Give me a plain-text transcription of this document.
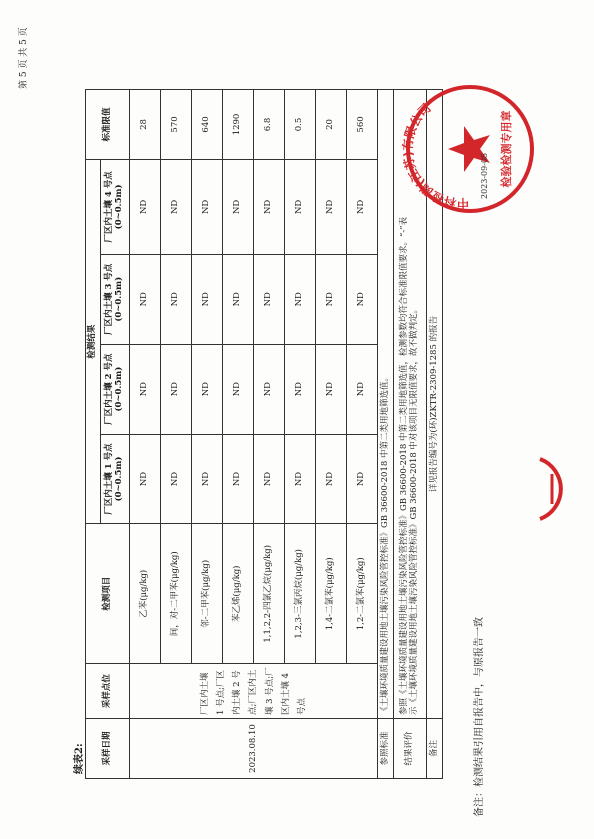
第 5 页 共 5 页
续表2: 采样日期	采样点位	检测项目	检测结果				标准限值
			厂区内土壤 1 号点(0~0.5m)	厂区内土壤 2 号点(0~0.5m)	厂区内土壤 3 号点(0~0.5m)	厂区内土壤 4 号点(0~0.5m)	
2023.08.10	厂区内土壤 1 号点;厂区内土壤 2 号点;厂区内土壤 3 号点;厂区内土壤 4 号点	乙苯(μg/kg)	ND	ND	ND	ND	28
		间，对-二甲苯(μg/kg)	ND	ND	ND	ND	570
		邻-二甲苯(μg/kg)	ND	ND	ND	ND	640
		苯乙烯(μg/kg)	ND	ND	ND	ND	1290
		1,1,2,2-四氯乙烷(μg/kg)	ND	ND	ND	ND	6.8
		1,2,3-三氯丙烷(μg/kg)	ND	ND	ND	ND	0.5
		1,4-二氯苯(μg/kg)	ND	ND	ND	ND	20
		1,2-二氯苯(μg/kg)	ND	ND	ND	ND	560
参照标准	《土壤环境质量建设用地土壤污染风险管控标准》GB 36600-2018 中第二类用地筛选值。						
结果评价	参照《土壤环境质量建设用地土壤污染风险管控标准》GB 36600-2018 中第二类用地筛选值，检测参数均符合标准限值要求。“-”表 示《土壤环境质量建设用地土壤污染风险管控标准》GB 36600-2018 中对该项目无限值要求，故不做判定。						

备注	详见报告编号为(环)ZKTR-2309-1285 的报告						
备注：检测结果引用自报告中，与原报告一致
中科检测(江苏)有限公司
检验检测专用章
2023-09-05
